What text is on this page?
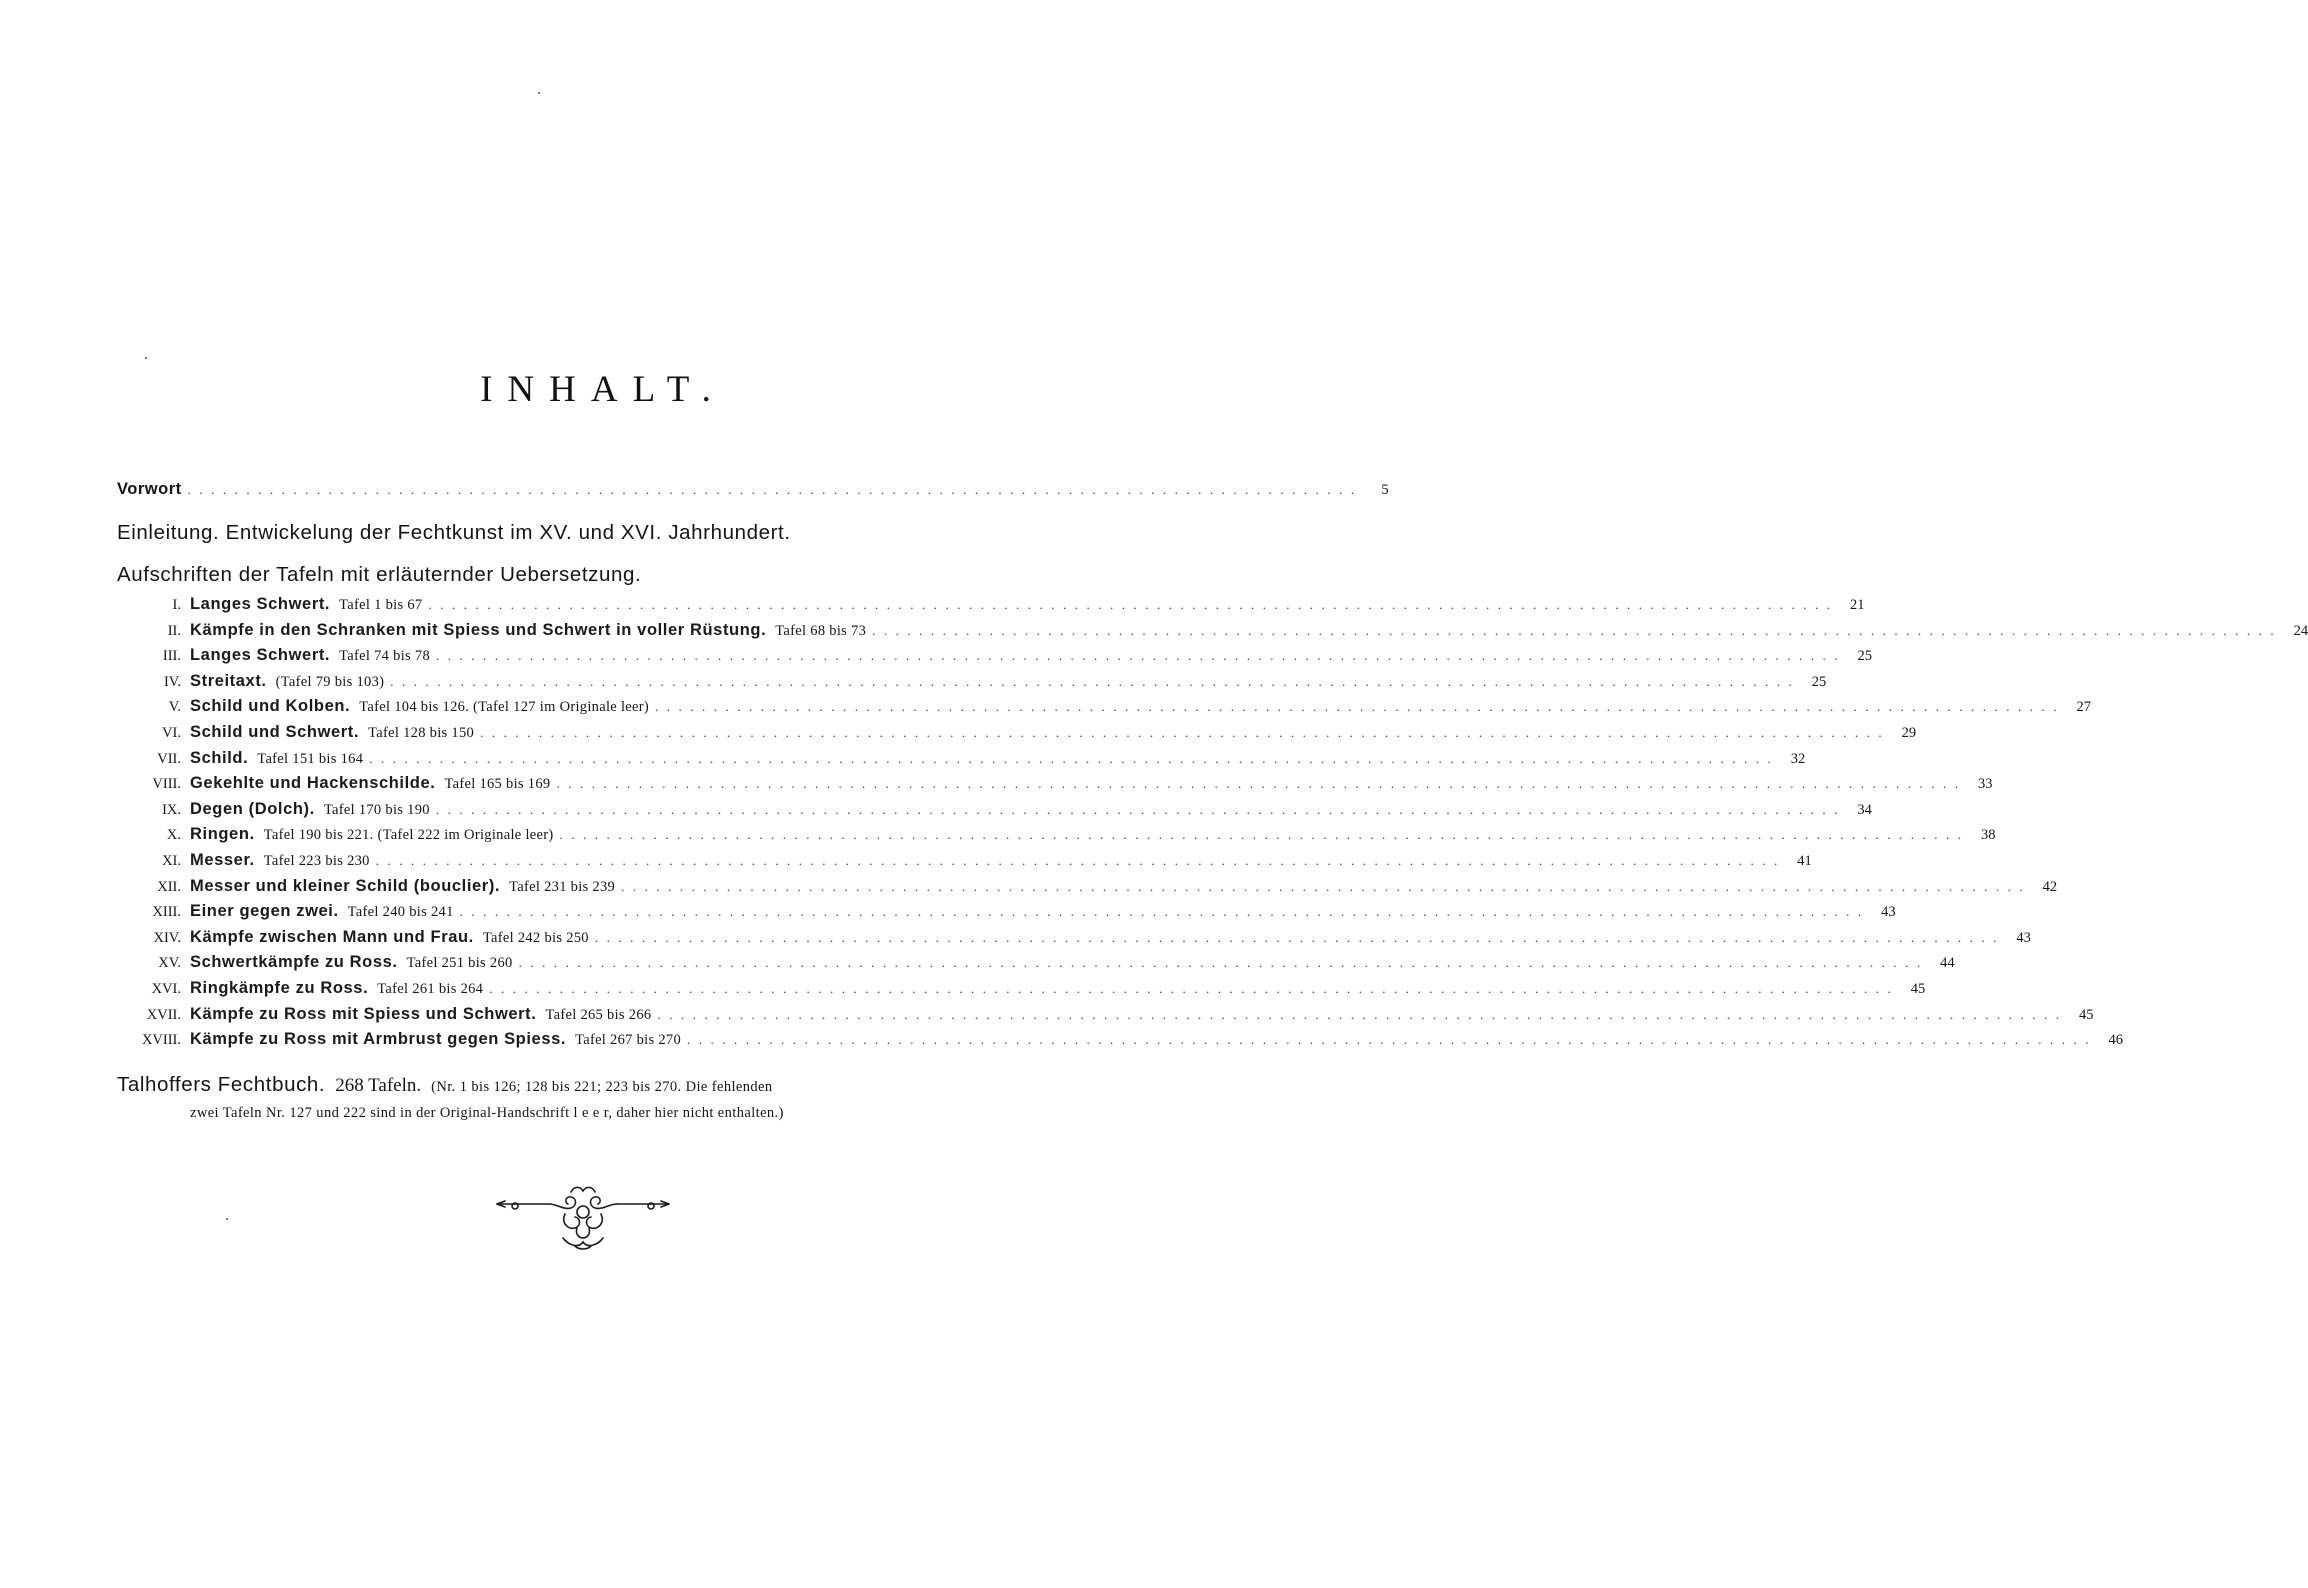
INHALT.
Vorwort ....................................................................................................	5
Einleitung. Entwickelung der Fechtkunst im XV. und XVI. Jahrhundert.
Aufschriften der Tafeln mit erläuternder Uebersetzung.
I. Langes Schwert. Tafel 1 bis 67 ........................................................................................................................ 21
II. Kämpfe in den Schranken mit Spiess und Schwert in voller Rüstung. Tafel 68 bis 73 ........................................................................................................................ 24
III. Langes Schwert. Tafel 74 bis 78 ........................................................................................................................ 25
IV. Streitaxt. (Tafel 79 bis 103) ........................................................................................................................ 25
V. Schild und Kolben. Tafel 104 bis 126. (Tafel 127 im Originale leer) ........................................................................................................................ 27
VI. Schild und Schwert. Tafel 128 bis 150 ........................................................................................................................ 29
VII. Schild. Tafel 151 bis 164 ........................................................................................................................ 32
VIII. Gekehlte und Hackenschilde. Tafel 165 bis 169 ........................................................................................................................ 33
IX. Degen (Dolch). Tafel 170 bis 190 ........................................................................................................................ 34
X. Ringen. Tafel 190 bis 221. (Tafel 222 im Originale leer) ........................................................................................................................ 38
XI. Messer. Tafel 223 bis 230 ........................................................................................................................ 41
XII. Messer und kleiner Schild (bouclier). Tafel 231 bis 239 ........................................................................................................................ 42
XIII. Einer gegen zwei. Tafel 240 bis 241 ........................................................................................................................ 43
XIV. Kämpfe zwischen Mann und Frau. Tafel 242 bis 250 ........................................................................................................................ 43
XV. Schwertkämpfe zu Ross. Tafel 251 bis 260 ........................................................................................................................ 44
XVI. Ringkämpfe zu Ross. Tafel 261 bis 264 ........................................................................................................................ 45
XVII. Kämpfe zu Ross mit Spiess und Schwert. Tafel 265 bis 266 ........................................................................................................................ 45
XVIII. Kämpfe zu Ross mit Armbrust gegen Spiess. Tafel 267 bis 270 ........................................................................................................................ 46
Talhoffers Fechtbuch. 268 Tafeln. (Nr. 1 bis 126; 128 bis 221; 223 bis 270. Die fehlenden
zwei Tafeln Nr. 127 und 222 sind in der Original-Handschrift l e e r, daher hier nicht enthalten.)
